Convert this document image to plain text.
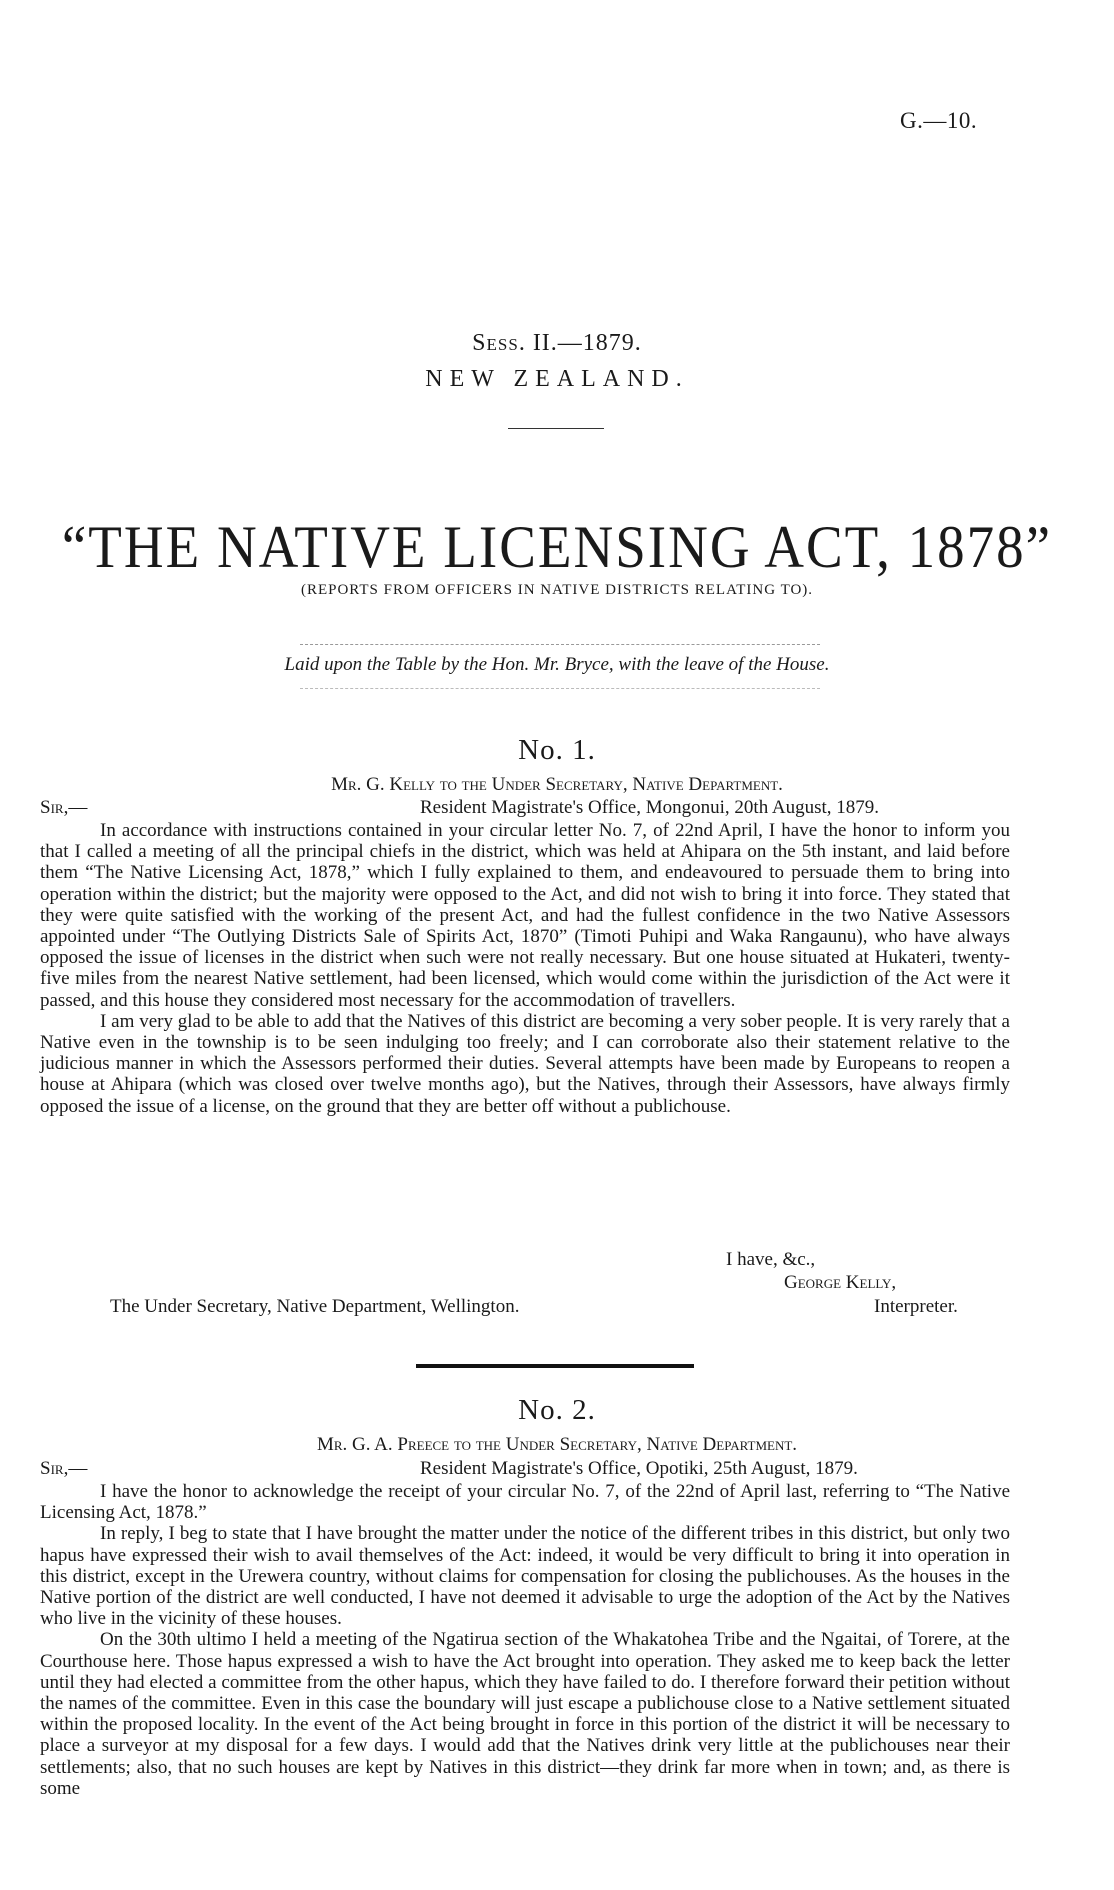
G.—10.
Sess. II.—1879.
NEW ZEALAND.
“THE NATIVE LICENSING ACT, 1878”
(REPORTS FROM OFFICERS IN NATIVE DISTRICTS RELATING TO).
Laid upon the Table by the Hon. Mr. Bryce, with the leave of the House.
No. 1.
Mr. G. Kelly to the Under Secretary, Native Department.
Sir,—	Resident Magistrate's Office, Mongonui, 20th August, 1879.

In accordance with instructions contained in your circular letter No. 7, of 22nd April, I have the honor to inform you that I called a meeting of all the principal chiefs in the district, which was held at Ahipara on the 5th instant, and laid before them “The Native Licensing Act, 1878,” which I fully explained to them, and endeavoured to persuade them to bring into operation within the district; but the majority were opposed to the Act, and did not wish to bring it into force. They stated that they were quite satisfied with the working of the present Act, and had the fullest confidence in the two Native Assessors appointed under “The Outlying Districts Sale of Spirits Act, 1870” (Timoti Puhipi and Waka Rangaunu), who have always opposed the issue of licenses in the district when such were not really necessary. But one house situated at Hukateri, twenty-five miles from the nearest Native settlement, had been licensed, which would come within the jurisdiction of the Act were it passed, and this house they considered most necessary for the accommodation of travellers.

I am very glad to be able to add that the Natives of this district are becoming a very sober people. It is very rarely that a Native even in the township is to be seen indulging too freely; and I can corroborate also their statement relative to the judicious manner in which the Assessors performed their duties. Several attempts have been made by Europeans to reopen a house at Ahipara (which was closed over twelve months ago), but the Natives, through their Assessors, have always firmly opposed the issue of a license, on the ground that they are better off without a publichouse.

I have, &c.,
George Kelly,
The Under Secretary, Native Department, Wellington.	Interpreter.
No. 2.
Mr. G. A. Preece to the Under Secretary, Native Department.
Sir,—	Resident Magistrate's Office, Opotiki, 25th August, 1879.

I have the honor to acknowledge the receipt of your circular No. 7, of the 22nd of April last, referring to “The Native Licensing Act, 1878.”

In reply, I beg to state that I have brought the matter under the notice of the different tribes in this district, but only two hapus have expressed their wish to avail themselves of the Act: indeed, it would be very difficult to bring it into operation in this district, except in the Urewera country, without claims for compensation for closing the publichouses. As the houses in the Native portion of the district are well conducted, I have not deemed it advisable to urge the adoption of the Act by the Natives who live in the vicinity of these houses.

On the 30th ultimo I held a meeting of the Ngatirua section of the Whakatohea Tribe and the Ngaitai, of Torere, at the Courthouse here. Those hapus expressed a wish to have the Act brought into operation. They asked me to keep back the letter until they had elected a committee from the other hapus, which they have failed to do. I therefore forward their petition without the names of the committee. Even in this case the boundary will just escape a publichouse close to a Native settlement situated within the proposed locality. In the event of the Act being brought in force in this portion of the district it will be necessary to place a surveyor at my disposal for a few days. I would add that the Natives drink very little at the publichouses near their settlements; also, that no such houses are kept by Natives in this district—they drink far more when in town; and, as there is some
